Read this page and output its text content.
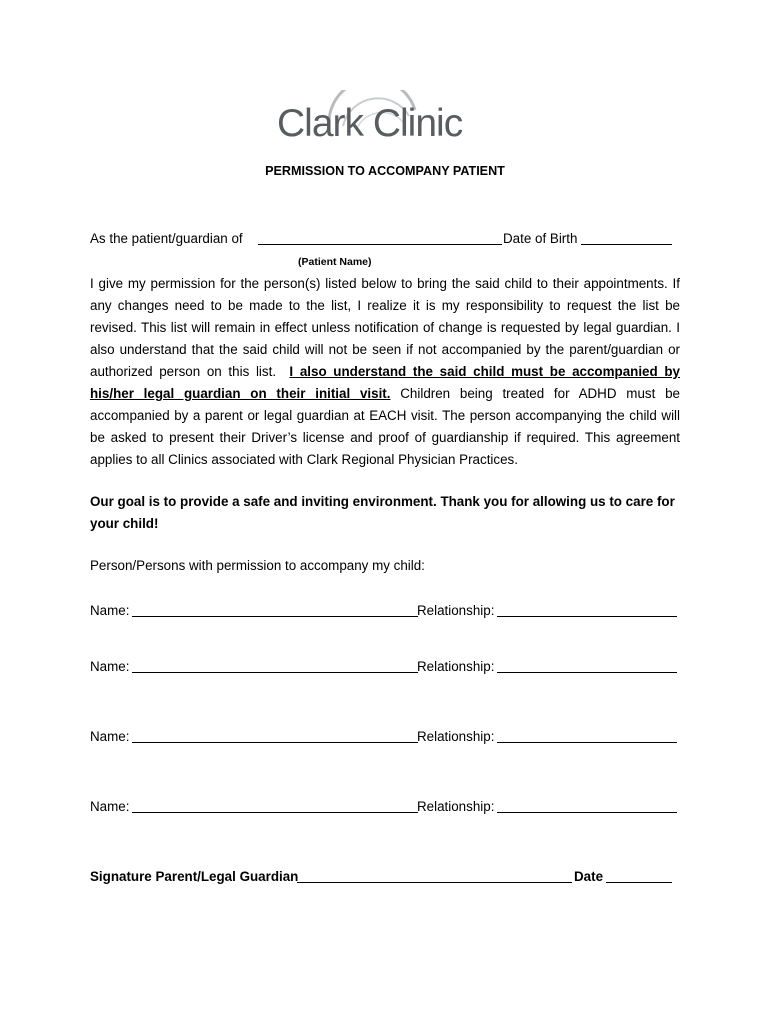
Clark Clinic
PERMISSION TO ACCOMPANY PATIENT
As the patient/guardian of	Date of Birth
(Patient Name)
I give my permission for the person(s) listed below to bring the said child to their appointments. If any changes need to be made to the list, I realize it is my responsibility to request the list be revised. This list will remain in effect unless notification of change is requested by legal guardian. I also understand that the said child will not be seen if not accompanied by the parent/guardian or authorized person on this list. I also understand the said child must be accompanied by his/her legal guardian on their initial visit. Children being treated for ADHD must be accompanied by a parent or legal guardian at EACH visit. The person accompanying the child will be asked to present their Driver’s license and proof of guardianship if required. This agreement applies to all Clinics associated with Clark Regional Physician Practices.
Our goal is to provide a safe and inviting environment. Thank you for allowing us to care for your child!
Person/Persons with permission to accompany my child:
Name:	Relationship:
Name:	Relationship:
Name:	Relationship:
Name:	Relationship:
Signature Parent/Legal Guardian	Date
